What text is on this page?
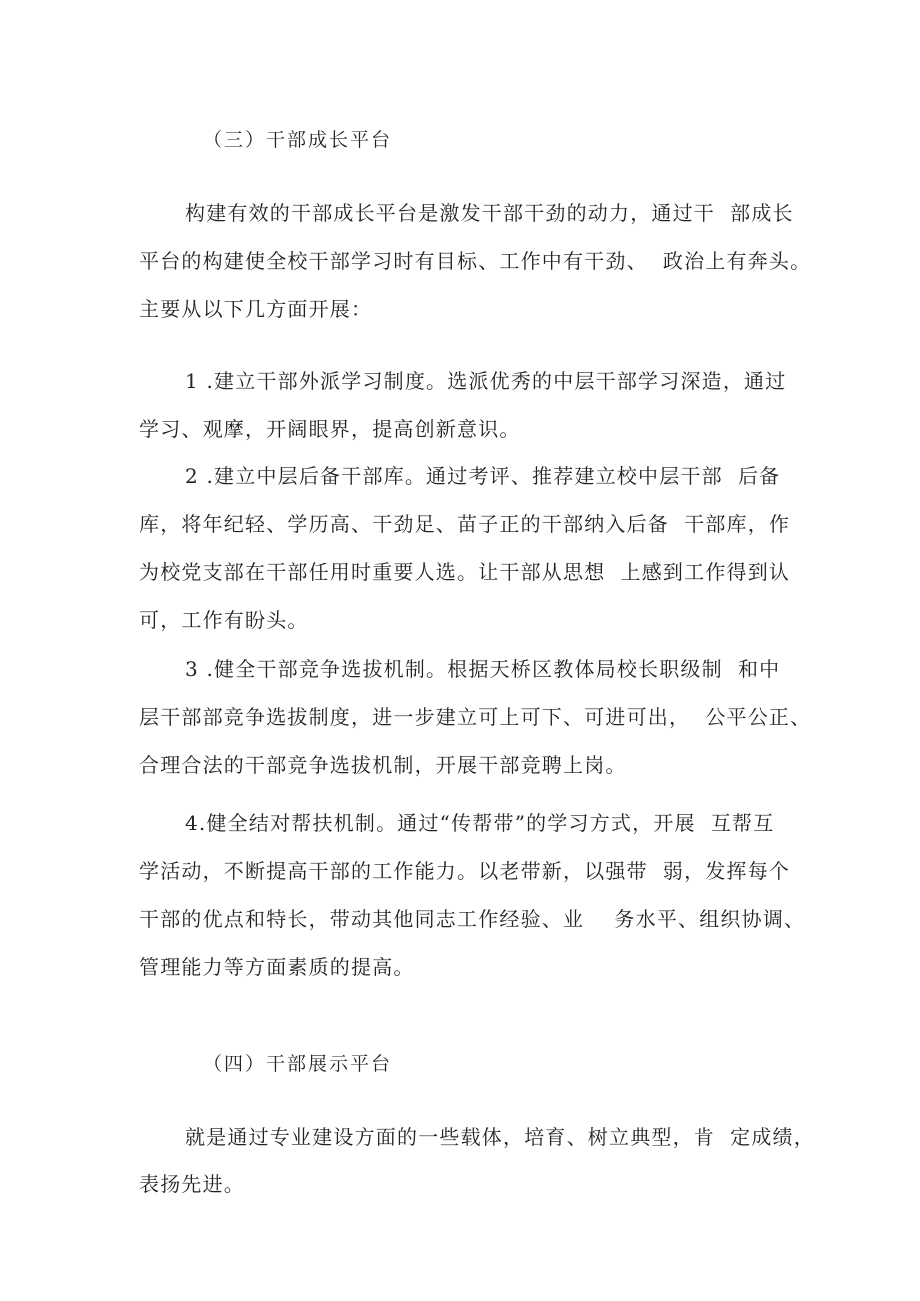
（三）干部成长平台
构建有效的干部成长平台是激发干部干劲的动力，通过干  部成长
平台的构建使全校干部学习时有目标、工作中有干劲、  政治上有奔头。
主要从以下几方面开展：
1 .建立干部外派学习制度。选派优秀的中层干部学习深造，通过
学习、观摩，开阔眼界，提高创新意识。
2 .建立中层后备干部库。通过考评、推荐建立校中层干部  后备
库，将年纪轻、学历高、干劲足、苗子正的干部纳入后备  干部库，作
为校党支部在干部任用时重要人选。让干部从思想  上感到工作得到认
可，工作有盼头。
3 .健全干部竞争选拔机制。根据天桥区教体局校长职级制  和中
层干部部竞争选拔制度，进一步建立可上可下、可进可出，  公平公正、
合理合法的干部竞争选拔机制，开展干部竞聘上岗。
4.健全结对帮扶机制。通过“传帮带”的学习方式，开展  互帮互
学活动，不断提高干部的工作能力。以老带新，以强带  弱，发挥每个
干部的优点和特长，带动其他同志工作经验、业    务水平、组织协调、
管理能力等方面素质的提高。
（四）干部展示平台
就是通过专业建设方面的一些载体，培育、树立典型，肯  定成绩，
表扬先进。
